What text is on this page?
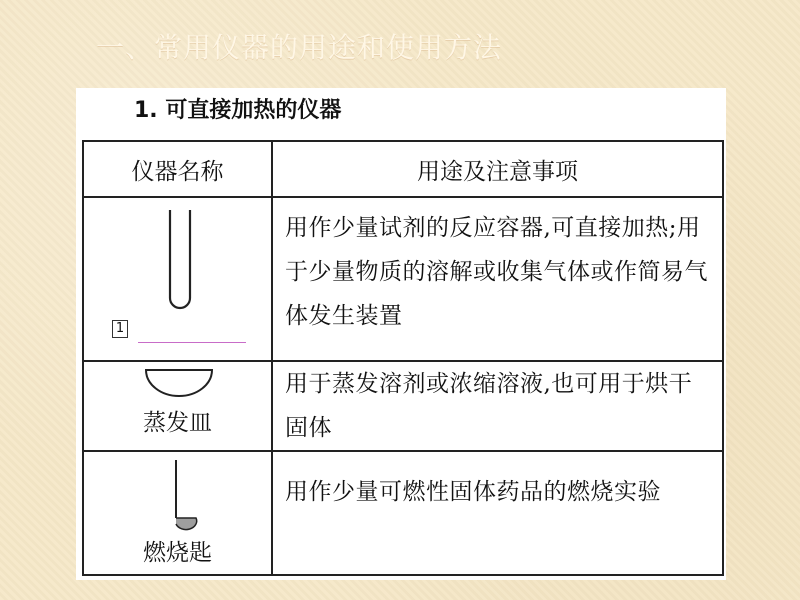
一、常用仪器的用途和使用方法
1. 可直接加热的仪器
仪器名称	用途及注意事项

1	用作少量试剂的反应容器,可直接加热;用于少量物质的溶解或收集气体或作简易气体发生装置

蒸发皿	用于蒸发溶剂或浓缩溶液,也可用于烘干固体

燃烧匙	用作少量可燃性固体药品的燃烧实验
